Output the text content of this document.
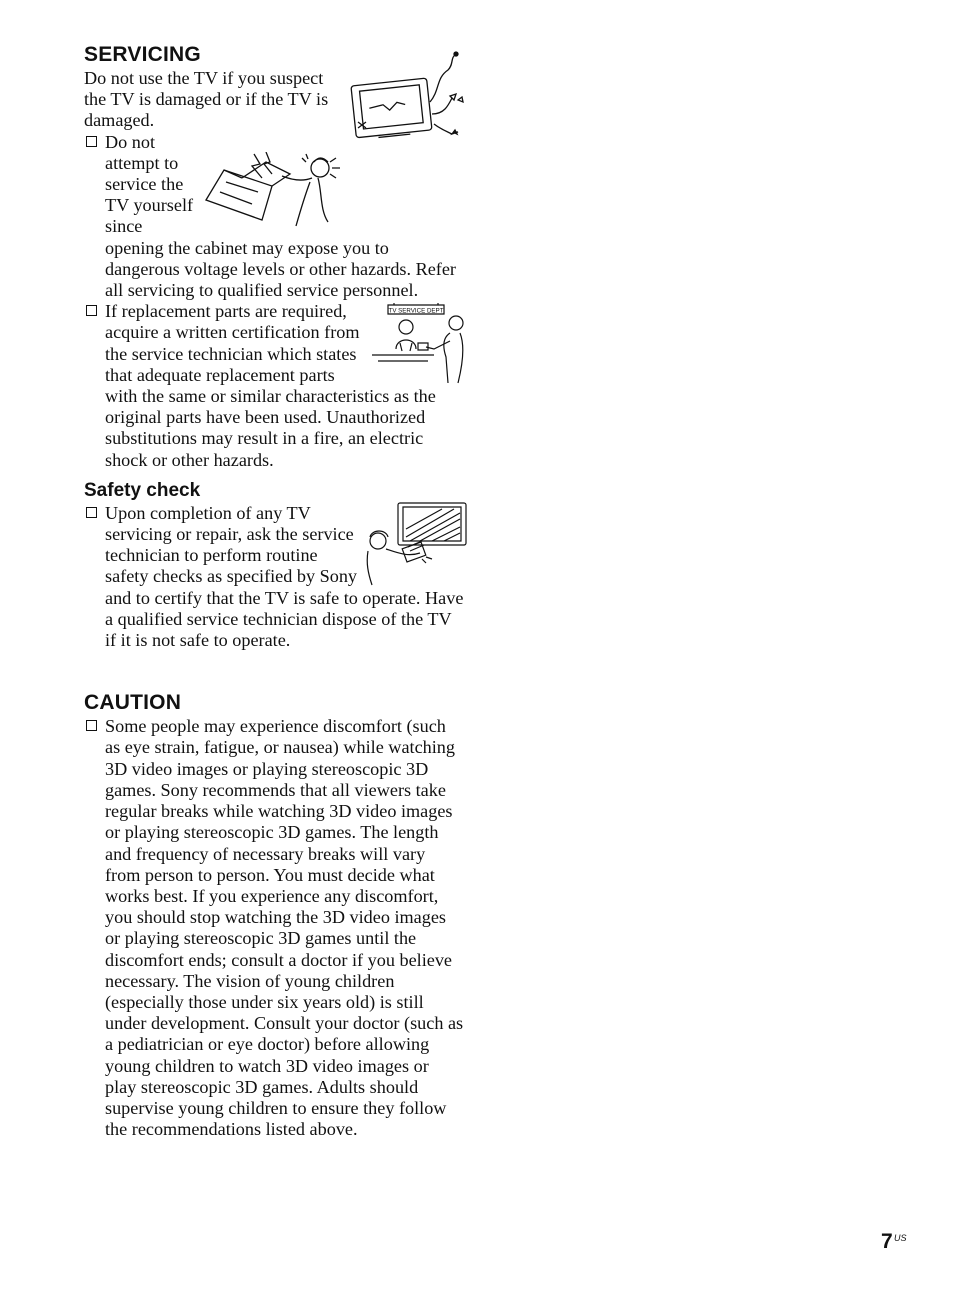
SERVICING

Do not use the TV if you suspect the TV is damaged or if the TV is damaged.

Do not attempt to service the TV yourself since opening the cabinet may expose you to dangerous voltage levels or other hazards. Refer all servicing to qualified service personnel.
TV SERVICE DEPT
If replacement parts are required, acquire a written certification from the service technician which states that adequate replacement parts with the same or similar characteristics as the original parts have been used. Unauthorized substitutions may result in a fire, an electric shock or other hazards.
Safety check
Upon completion of any TV servicing or repair, ask the service technician to perform routine safety checks as specified by Sony and to certify that the TV is safe to operate. Have a qualified service technician dispose of the TV if it is not safe to operate.
CAUTION
Some people may experience discomfort (such as eye strain, fatigue, or nausea) while watching 3D video images or playing stereoscopic 3D games. Sony recommends that all viewers take regular breaks while watching 3D video images or playing stereoscopic 3D games. The length and frequency of necessary breaks will vary from person to person. You must decide what works best. If you experience any discomfort, you should stop watching the 3D video images or playing stereoscopic 3D games until the discomfort ends; consult a doctor if you believe necessary. The vision of young children (especially those under six years old) is still under development. Consult your doctor (such as a pediatrician or eye doctor) before allowing young children to watch 3D video images or play stereoscopic 3D games. Adults should supervise young children to ensure they follow the recommendations listed above.
7 US
